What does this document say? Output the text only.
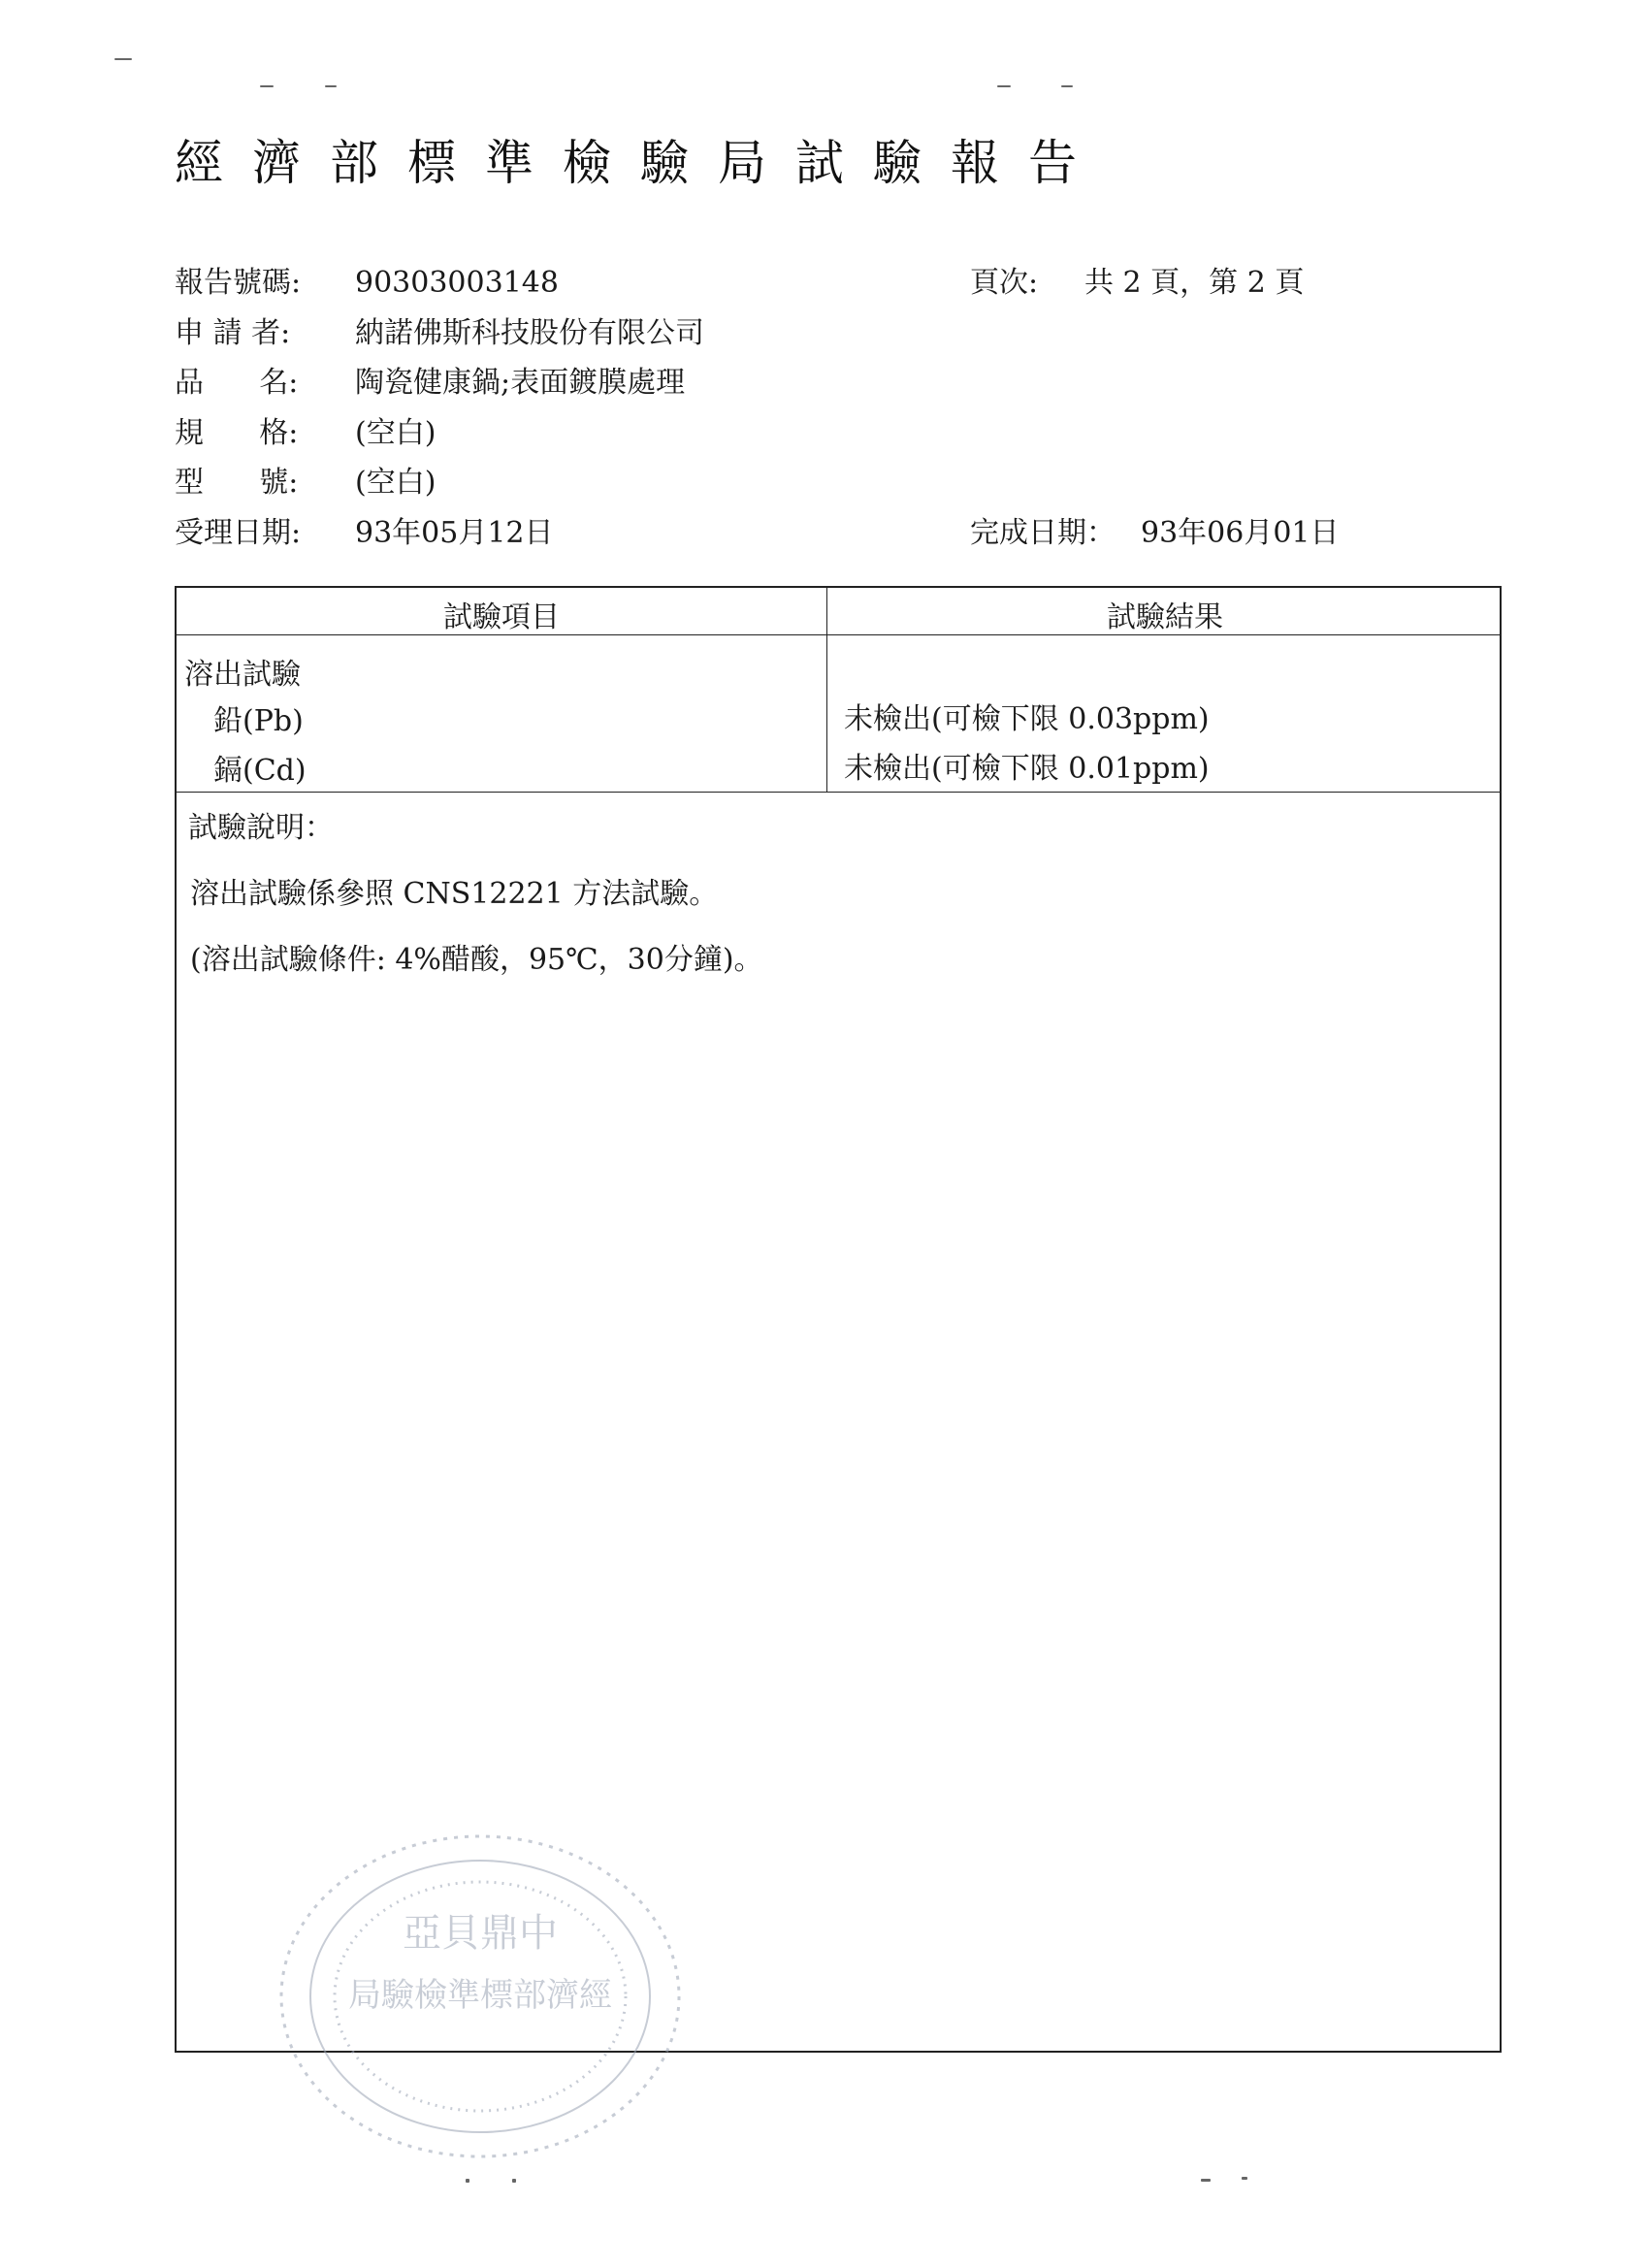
經濟部標準檢驗局試驗報告
報告號碼: 90303003148
申 請 者: 納諾佛斯科技股份有限公司
品      名: 陶瓷健康鍋;表面鍍膜處理
規      格: (空白)
型      號: (空白)
受理日期: 93年05月12日
頁次: 共 2 頁，第 2 頁
完成日期： 93年06月01日
試驗項目	試驗結果
溶出試驗
鉛(Pb)	未檢出(可檢下限 0.03ppm)
鎘(Cd)	未檢出(可檢下限 0.01ppm)
試驗說明：
溶出試驗係參照 CNS12221 方法試驗。
(溶出試驗條件: 4%醋酸，95℃，30分鐘)。
亞貝鼎中
局驗檢準標部濟經
